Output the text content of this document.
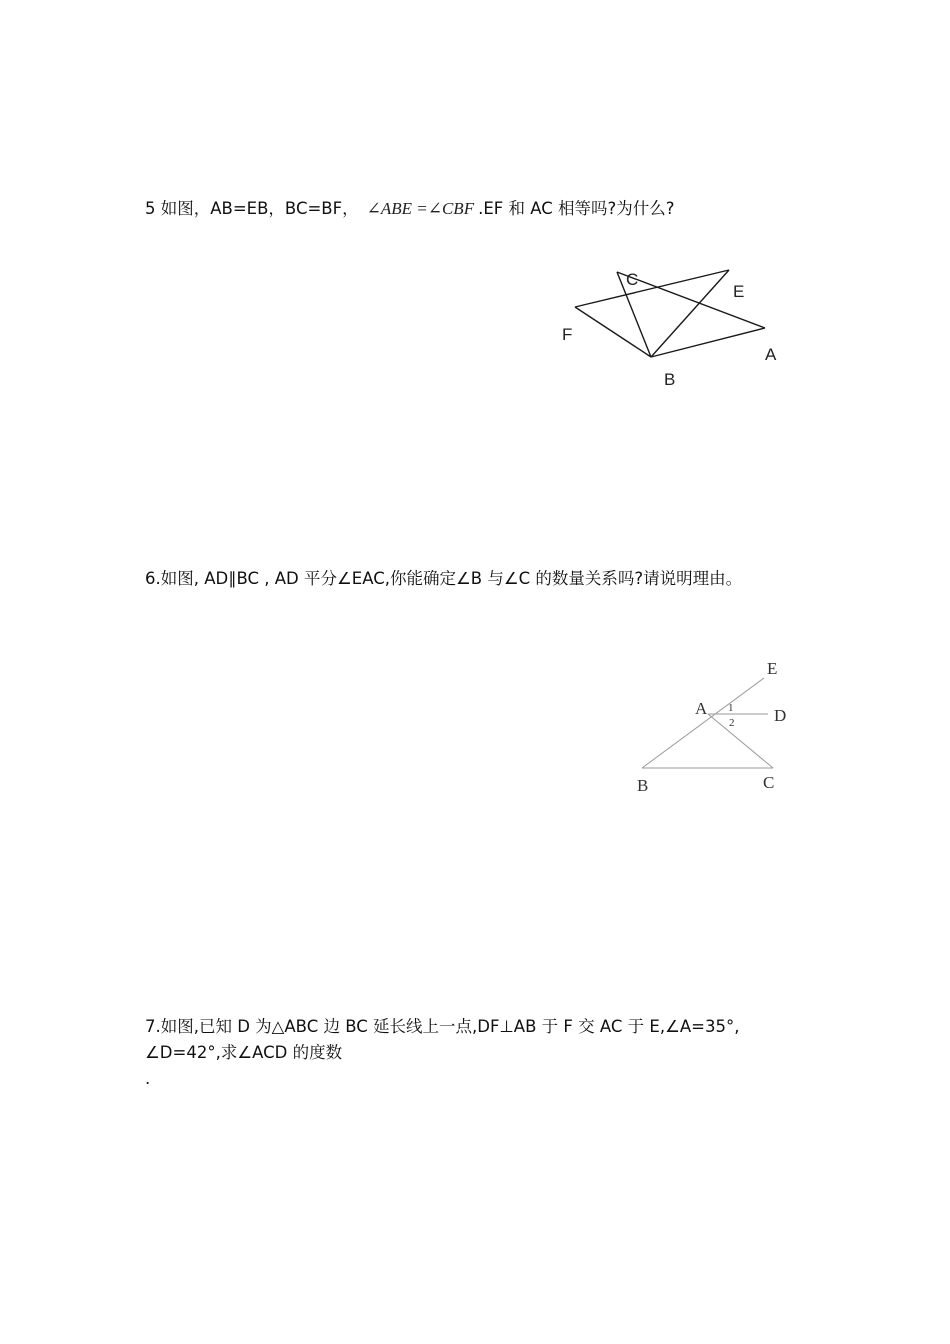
5 如图，AB=EB，BC=BF， ∠ABE =∠CBF .EF 和 AC 相等吗?为什么?
C
E
F
A
B
6.如图, AD∥BC , AD 平分∠EAC,你能确定∠B 与∠C 的数量关系吗?请说明理由。
E
A	D
B	C
1
2
7.如图,已知 D 为△ABC 边 BC 延长线上一点,DF⊥AB 于 F 交 AC 于 E,∠A=35°,
∠D=42°,求∠ACD 的度数
.
